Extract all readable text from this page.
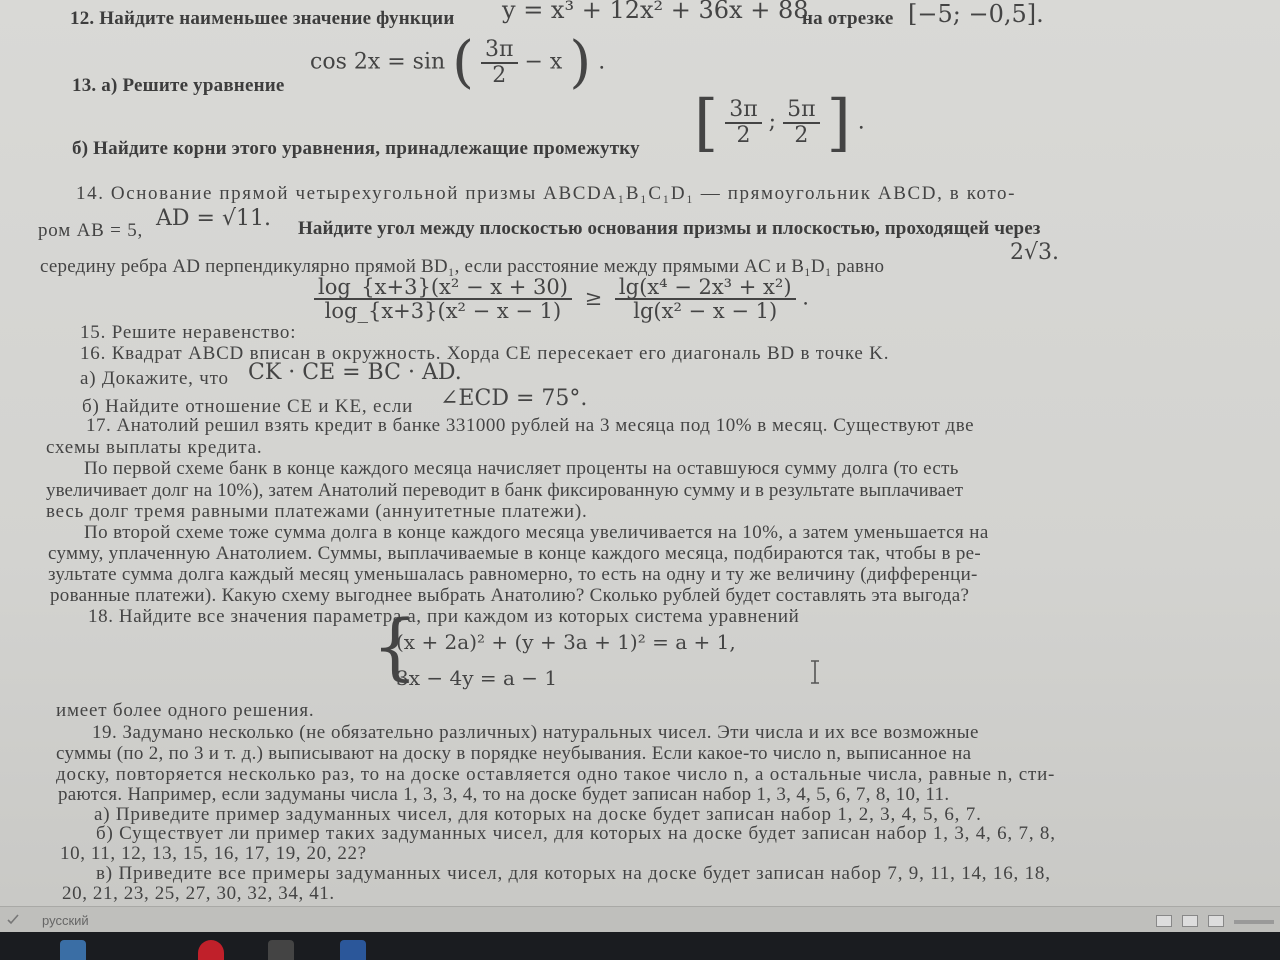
12. Найдите наименьшее значение функции y = x³ + 12x² + 36x + 88
на отрезке [−5; −0,5].
cos 2x = sin ( $\frac{3\pi}{2} - x$ ) .
13. а) Решите уравнение
б) Найдите корни этого уравнения, принадлежащие промежутку [ $\frac{3\pi}{2}$ ; $\frac{5\pi}{2}$ ] .
14. Основание прямой четырехугольной призмы ABCDA₁B₁C₁D₁ — прямоугольник ABCD, в кото-
ром AB = 5, AD = √11. Найдите угол между плоскостью основания призмы и плоскостью, проходящей через
середину ребра AD перпендикулярно прямой BD₁, если расстояние между прямыми AC и B₁D₁ равно
2√3.
$\frac{\text{log\_\{x+3\}(x² − x + 30)}}{\text{log\_\{x+3\}(x² − x − 1)}} \ge \frac{\text{lg(x⁴ − 2x³ + x²)}}{\text{lg(x² − x − 1)}}$ .
15. Решите неравенство:
16. Квадрат ABCD вписан в окружность. Хорда CE пересекает его диагональ BD в точке K.
а) Докажите, что CK · CE = BC · AD.
б) Найдите отношение CE и KE, если ∠ECD = 75°.
17. Анатолий решил взять кредит в банке 331000 рублей на 3 месяца под 10% в месяц. Существуют две
схемы выплаты кредита.
По первой схеме банк в конце каждого месяца начисляет проценты на оставшуюся сумму долга (то есть
увеличивает долг на 10%), затем Анатолий переводит в банк фиксированную сумму и в результате выплачивает
весь долг тремя равными платежами (аннуитетные платежи).
По второй схеме тоже сумма долга в конце каждого месяца увеличивается на 10%, а затем уменьшается на
сумму, уплаченную Анатолием. Суммы, выплачиваемые в конце каждого месяца, подбираются так, чтобы в ре-
зультате сумма долга каждый месяц уменьшалась равномерно, то есть на одну и ту же величину (дифференци-
рованные платежи). Какую схему выгоднее выбрать Анатолию? Сколько рублей будет составлять эта выгода?
18. Найдите все значения параметра a, при каждом из которых система уравнений
{
(x + 2a)² + (y + 3a + 1)² = a + 1,
3x − 4y = a − 1
имеет более одного решения.
19. Задумано несколько (не обязательно различных) натуральных чисел. Эти числа и их все возможные
суммы (по 2, по 3 и т. д.) выписывают на доску в порядке неубывания. Если какое-то число n, выписанное на
доску, повторяется несколько раз, то на доске оставляется одно такое число n, а остальные числа, равные n, сти-
раются. Например, если задуманы числа 1, 3, 3, 4, то на доске будет записан набор 1, 3, 4, 5, 6, 7, 8, 10, 11.
а) Приведите пример задуманных чисел, для которых на доске будет записан набор 1, 2, 3, 4, 5, 6, 7.
б) Существует ли пример таких задуманных чисел, для которых на доске будет записан набор 1, 3, 4, 6, 7, 8,
10, 11, 12, 13, 15, 16, 17, 19, 20, 22?
в) Приведите все примеры задуманных чисел, для которых на доске будет записан набор 7, 9, 11, 14, 16, 18,
20, 21, 23, 25, 27, 30, 32, 34, 41.
русский
